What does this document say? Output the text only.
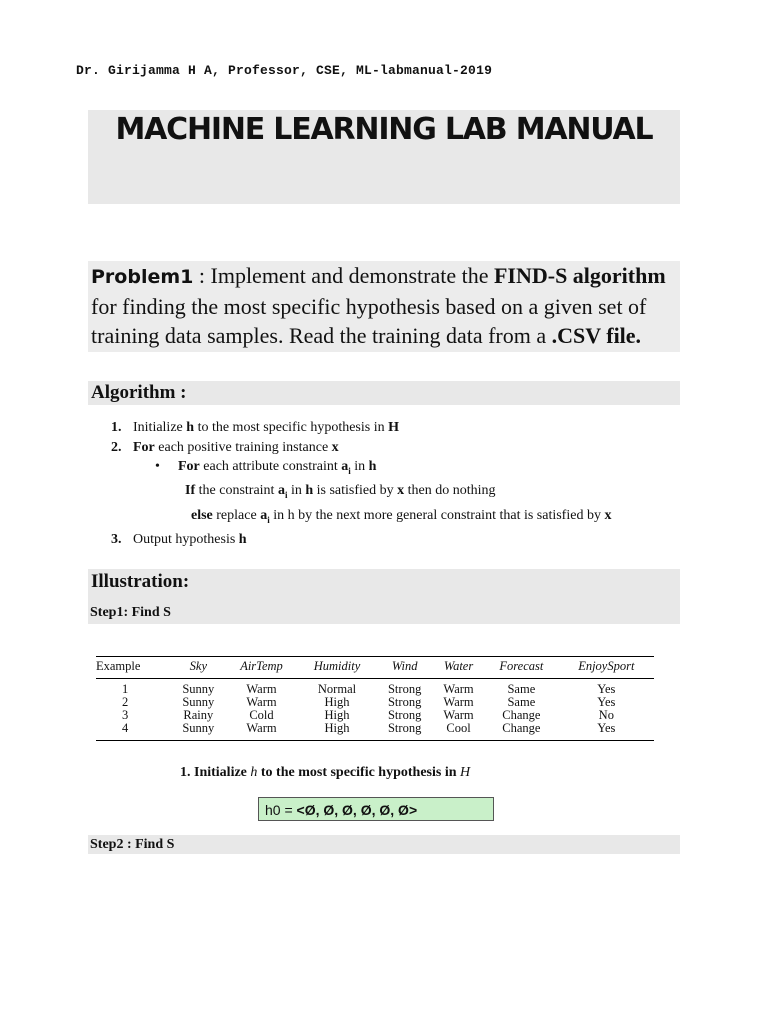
Dr. Girijamma H A, Professor, CSE, ML-labmanual-2019
MACHINE LEARNING LAB MANUAL
Problem1 : Implement and demonstrate the FIND-S algorithm for finding the most specific hypothesis based on a given set of training data samples. Read the training data from a .CSV file.
Algorithm :
1. Initialize h to the most specific hypothesis in H
2. For each positive training instance x
• For each attribute constraint $a_i$ in h
If the constraint $a_i$ in h is satisfied by x then do nothing
else replace $a_i$ in h by the next more general constraint that is satisfied by x
3. Output hypothesis h
Illustration:
Step1: Find S
Example	Sky	AirTemp	Humidity	Wind	Water	Forecast	EnjoySport
1	Sunny	Warm	Normal	Strong	Warm	Same	Yes
2	Sunny	Warm	High	Strong	Warm	Same	Yes
3	Rainy	Cold	High	Strong	Warm	Change	No
4	Sunny	Warm	High	Strong	Cool	Change	Yes
1. Initialize h to the most specific hypothesis in H
h0 = <Ø, Ø, Ø, Ø, Ø, Ø>
Step2 : Find S
